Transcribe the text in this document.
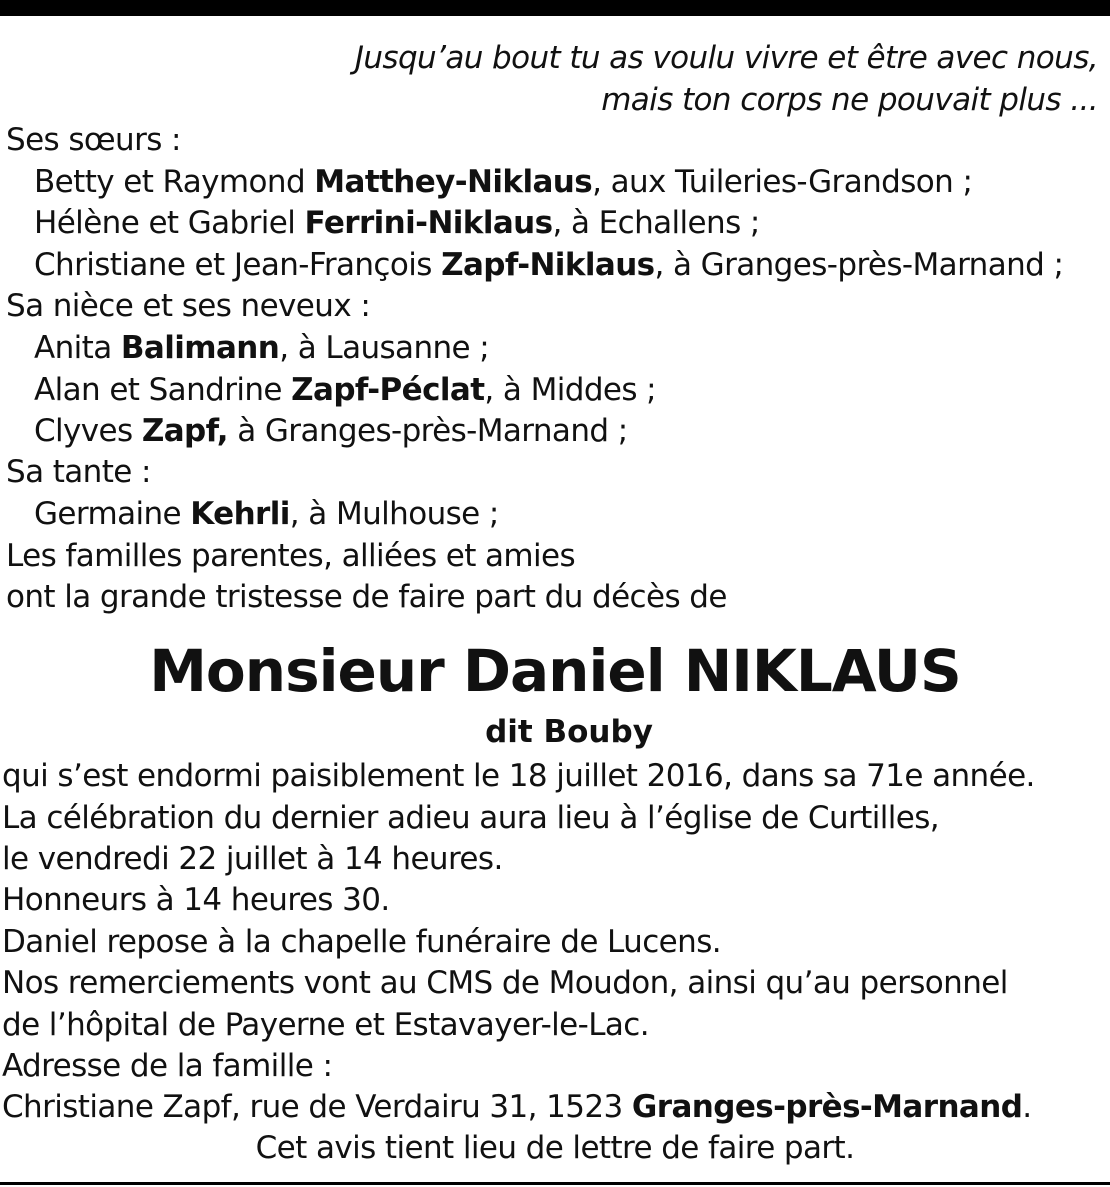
Jusqu’au bout tu as voulu vivre et être avec nous,
mais ton corps ne pouvait plus ...
Ses sœurs :
Betty et Raymond Matthey-Niklaus, aux Tuileries-Grandson ;
Hélène et Gabriel Ferrini-Niklaus, à Echallens ;
Christiane et Jean-François Zapf-Niklaus, à Granges-près-Marnand ;
Sa nièce et ses neveux :
Anita Balimann, à Lausanne ;
Alan et Sandrine Zapf-Péclat, à Middes ;
Clyves Zapf, à Granges-près-Marnand ;
Sa tante :
Germaine Kehrli, à Mulhouse ;
Les familles parentes, alliées et amies
ont la grande tristesse de faire part du décès de
Monsieur Daniel NIKLAUS
dit Bouby
qui s’est endormi paisiblement le 18 juillet 2016, dans sa 71e année.
La célébration du dernier adieu aura lieu à l’église de Curtilles,
le vendredi 22 juillet à 14 heures.
Honneurs à 14 heures 30.
Daniel repose à la chapelle funéraire de Lucens.
Nos remerciements vont au CMS de Moudon, ainsi qu’au personnel
de l’hôpital de Payerne et Estavayer-le-Lac.
Adresse de la famille :
Christiane Zapf, rue de Verdairu 31, 1523 Granges-près-Marnand.
Cet avis tient lieu de lettre de faire part.
